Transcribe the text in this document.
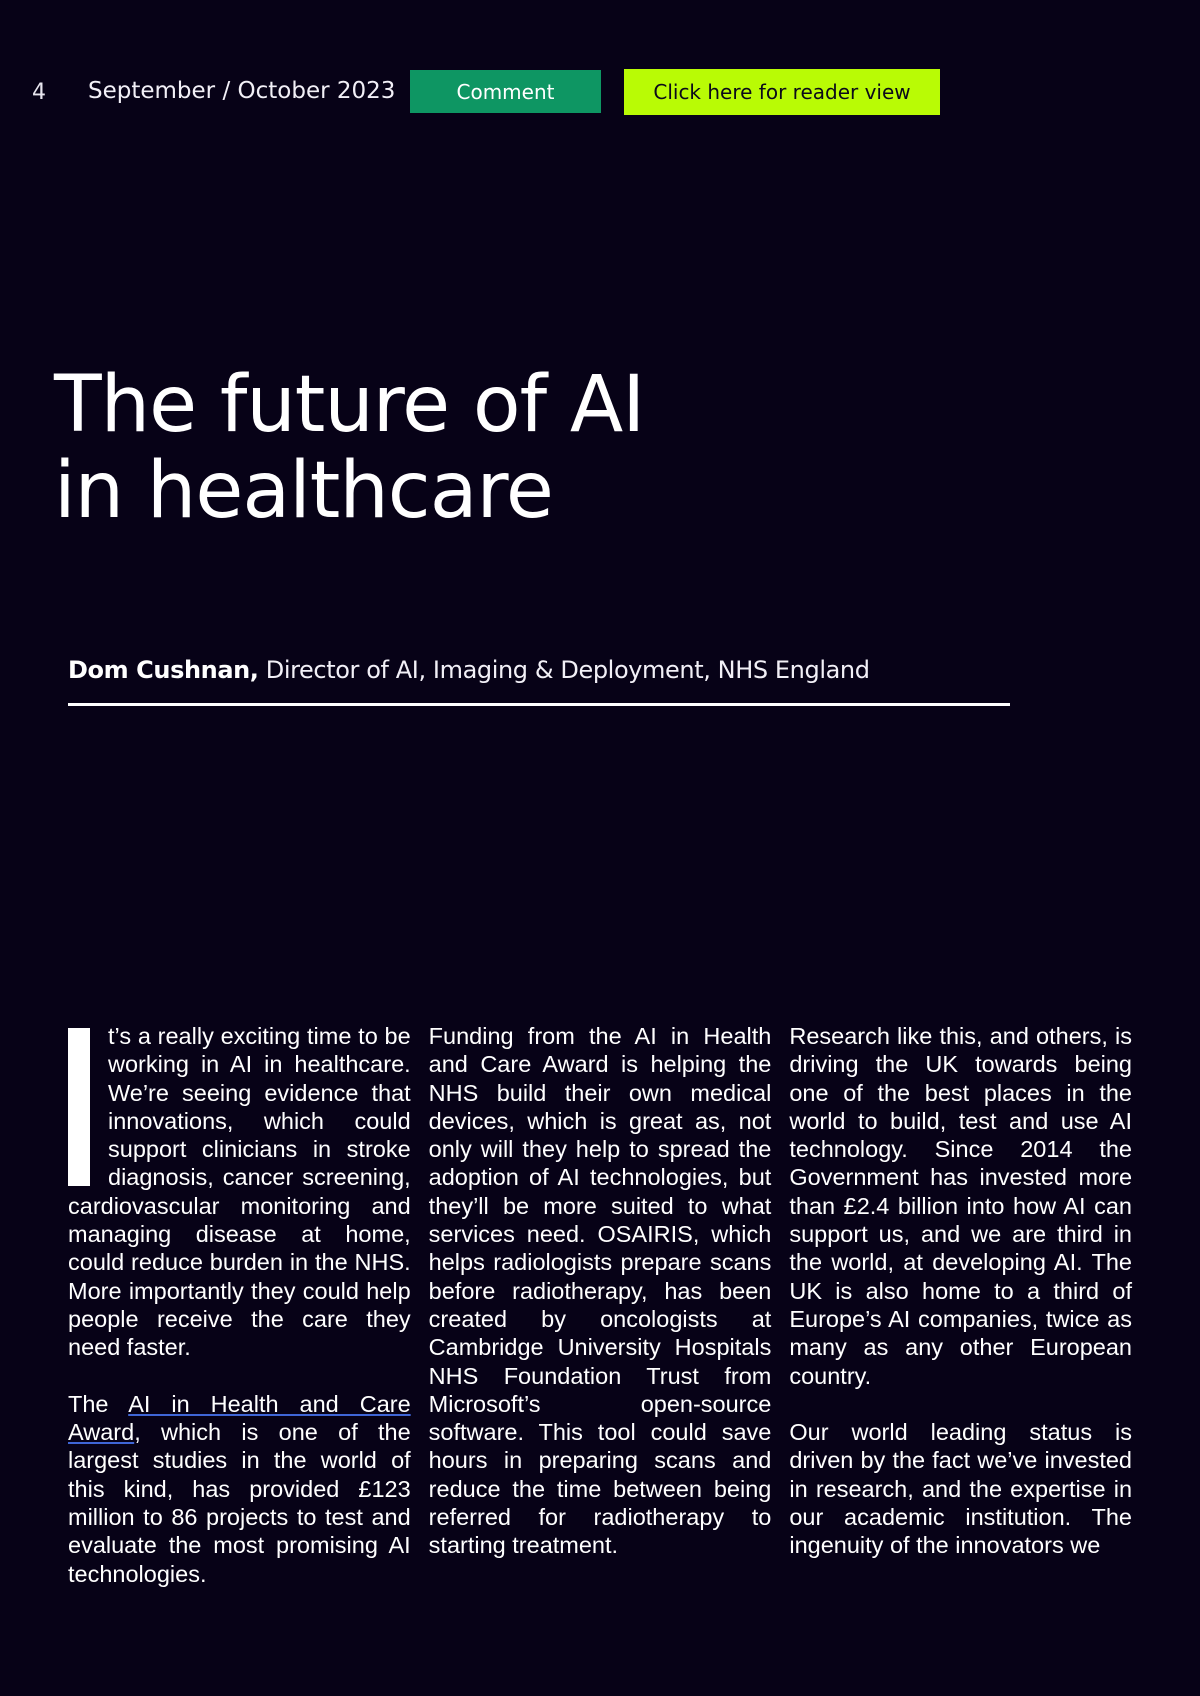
4 September / October 2023	Comment	Click here for reader view
The future of AI
in healthcare
Dom Cushnan, Director of AI, Imaging & Deployment, NHS England

t’s a really exciting time to be working in AI in healthcare. We’re seeing evidence that innovations, which could support clinicians in stroke diagnosis, cancer screening, cardiovascular monitoring and managing disease at home, could reduce burden in the NHS. More importantly they could help people receive the care they need faster.

The AI in Health and Care Award, which is one of the largest studies in the world of this kind, has provided £123 million to 86 projects to test and evaluate the most promising AI technologies.

Funding from the AI in Health and Care Award is helping the NHS build their own medical devices, which is great as, not only will they help to spread the adoption of AI technologies, but they’ll be more suited to what services need. OSAIRIS, which helps radiologists prepare scans before radiotherapy, has been created by oncologists at Cambridge University Hospitals NHS Foundation Trust from Microsoft’s open-source software. This tool could save hours in preparing scans and reduce the time between being referred for radiotherapy to starting treatment.

Research like this, and others, is driving the UK towards being one of the best places in the world to build, test and use AI technology. Since 2014 the Government has invested more than £2.4 billion into how AI can support us, and we are third in the world, at developing AI. The UK is also home to a third of Europe’s AI companies, twice as many as any other European country.

Our world leading status is driven by the fact we’ve invested in research, and the expertise in our academic institution. The ingenuity of the innovators we
